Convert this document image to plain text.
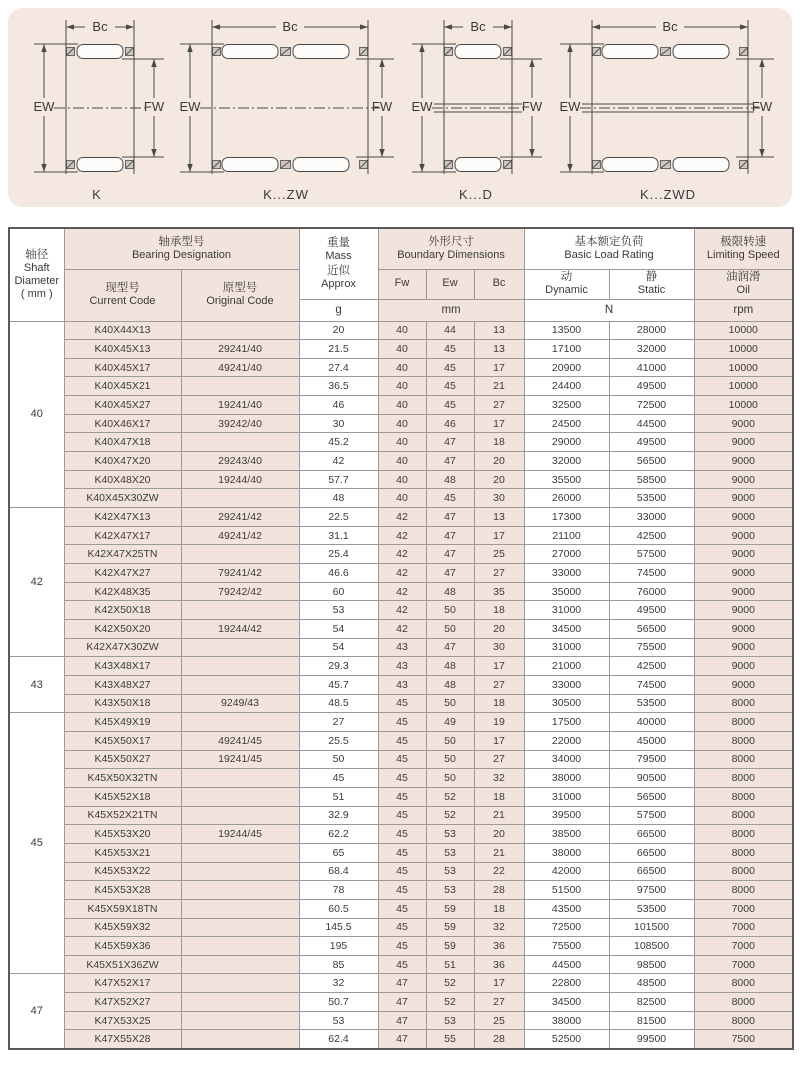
Bc
EW	FW
K
Bc
EW	FW
K...ZW
Bc
EW	FW
K...D
Bc
EW	FW
K...ZWD
轴径
Shaft
Diameter
( mm )

轴承型号
Bearing Designation

重量
Mass
近似
Approx

外形尺寸
Boundary Dimensions

基本额定负荷
Basic Load Rating

极限转速
Limiting Speed

现型号
Current Code

原型号
Original Code
	Fw	Ew	Bc	
动
Dynamic

静
Static

油润滑
Oil

			g	mm			N		rpm
40	K40X44X13		20	40	44	13	13500	28000	10000
	K40X45X13	29241/40	21.5	40	45	13	17100	32000	10000
	K40X45X17	49241/40	27.4	40	45	17	20900	41000	10000
	K40X45X21		36.5	40	45	21	24400	49500	10000
	K40X45X27	19241/40	46	40	45	27	32500	72500	10000
	K40X46X17	39242/40	30	40	46	17	24500	44500	9000
	K40X47X18		45.2	40	47	18	29000	49500	9000
	K40X47X20	29243/40	42	40	47	20	32000	56500	9000
	K40X48X20	19244/40	57.7	40	48	20	35500	58500	9000
	K40X45X30ZW		48	40	45	30	26000	53500	9000
42	K42X47X13	29241/42	22.5	42	47	13	17300	33000	9000
	K42X47X17	49241/42	31.1	42	47	17	21100	42500	9000
	K42X47X25TN		25.4	42	47	25	27000	57500	9000
	K42X47X27	79241/42	46.6	42	47	27	33000	74500	9000
	K42X48X35	79242/42	60	42	48	35	35000	76000	9000
	K42X50X18		53	42	50	18	31000	49500	9000
	K42X50X20	19244/42	54	42	50	20	34500	56500	9000
	K42X47X30ZW		54	43	47	30	31000	75500	9000
43	K43X48X17		29.3	43	48	17	21000	42500	9000
	K43X48X27		45.7	43	48	27	33000	74500	9000
	K43X50X18	9249/43	48.5	45	50	18	30500	53500	8000
45	K45X49X19		27	45	49	19	17500	40000	8000
	K45X50X17	49241/45	25.5	45	50	17	22000	45000	8000
	K45X50X27	19241/45	50	45	50	27	34000	79500	8000
	K45X50X32TN		45	45	50	32	38000	90500	8000
	K45X52X18		51	45	52	18	31000	56500	8000
	K45X52X21TN		32.9	45	52	21	39500	57500	8000
	K45X53X20	19244/45	62.2	45	53	20	38500	66500	8000
	K45X53X21		65	45	53	21	38000	66500	8000
	K45X53X22		68.4	45	53	22	42000	66500	8000
	K45X53X28		78	45	53	28	51500	97500	8000
	K45X59X18TN		60.5	45	59	18	43500	53500	7000
	K45X59X32		145.5	45	59	32	72500	101500	7000
	K45X59X36		195	45	59	36	75500	108500	7000
	K45X51X36ZW		85	45	51	36	44500	98500	7000
47	K47X52X17		32	47	52	17	22800	48500	8000
	K47X52X27		50.7	47	52	27	34500	82500	8000
	K47X53X25		53	47	53	25	38000	81500	8000
	K47X55X28		62.4	47	55	28	52500	99500	7500
